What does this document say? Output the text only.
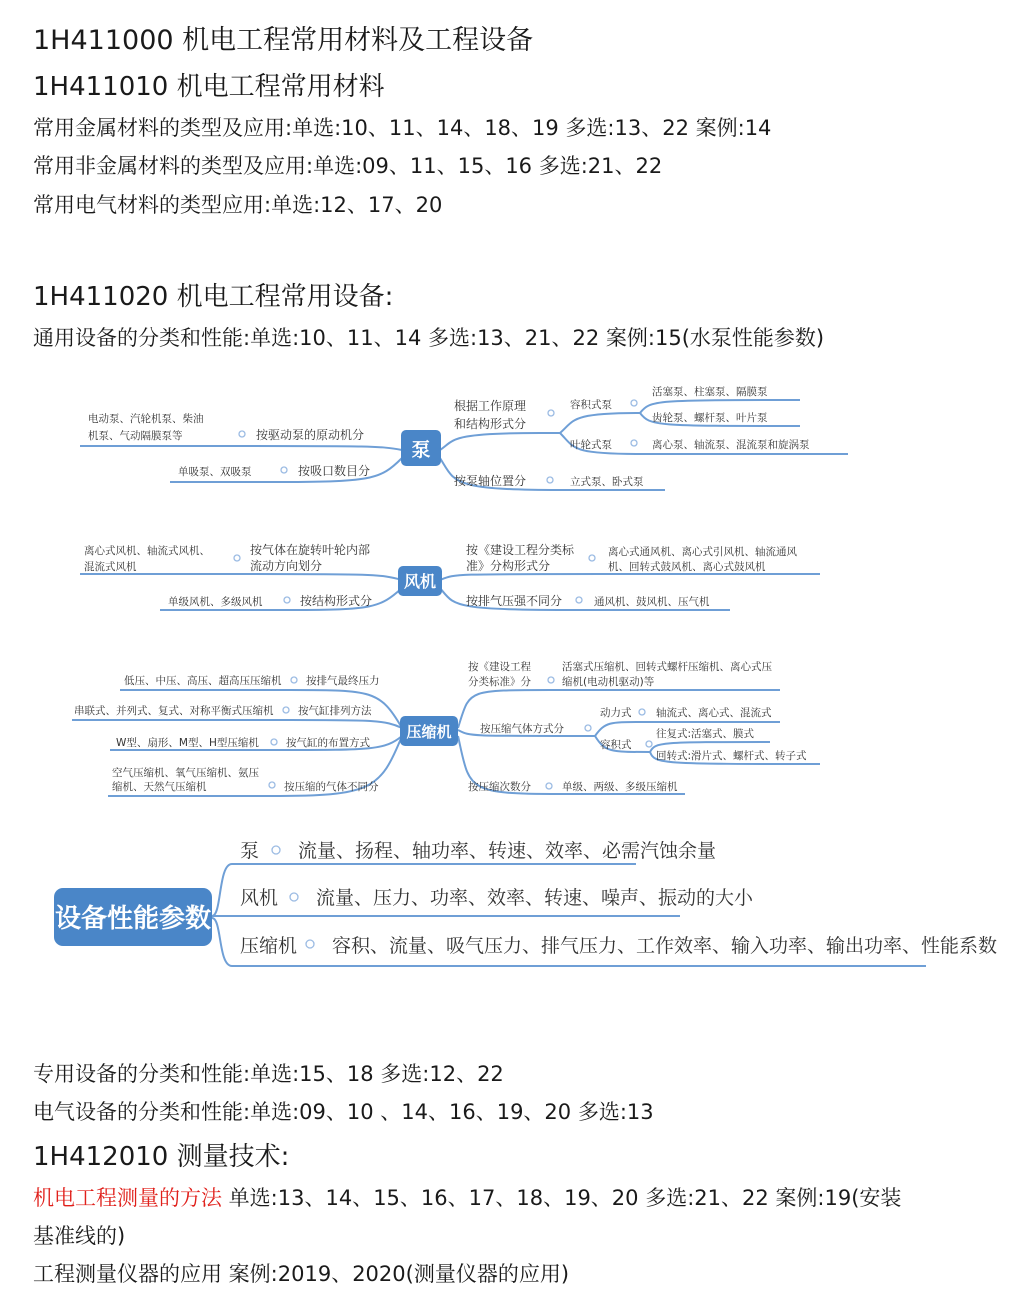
1H411000 机电工程常用材料及工程设备
1H411010 机电工程常用材料
常用金属材料的类型及应用:单选:10、11、14、18、19 多选:13、22 案例:14
常用非金属材料的类型及应用:单选:09、11、15、16 多选:21、22
常用电气材料的类型应用:单选:12、17、20
1H411020 机电工程常用设备:
通用设备的分类和性能:单选:10、11、14 多选:13、21、22 案例:15(水泵性能参数)
泵
风机
压缩机
按驱动泵的原动机分
电动泵、汽轮机泵、柴油
机泵、气动隔膜泵等
按吸口数目分
单吸泵、双吸泵
根据工作原理
和结构形式分
容积式泵
活塞泵、柱塞泵、隔膜泵
齿轮泵、螺杆泵、叶片泵
叶轮式泵	离心泵、轴流泵、混流泵和旋涡泵
按泵轴位置分	立式泵、卧式泵
按气体在旋转叶轮内部
流动方向划分
离心式风机、轴流式风机、
混流式风机
按结构形式分
单级风机、多级风机
按《建设工程分类标
准》分构形式分
离心式通风机、离心式引风机、轴流通风
机、回转式鼓风机、离心式鼓风机
按排气压强不同分	通风机、鼓风机、压气机
按排气最终压力
低压、中压、高压、超高压压缩机
按气缸排列方法
串联式、并列式、复式、对称平衡式压缩机
按气缸的布置方式
W型、扇形、M型、H型压缩机
按压缩的气体不同分
空气压缩机、氧气压缩机、氨压
缩机、天然气压缩机
按《建设工程
分类标准》分
活塞式压缩机、回转式螺杆压缩机、离心式压
缩机(电动机驱动)等
按压缩气体方式分
动力式 轴流式、离心式、混流式
容积式
往复式:活塞式、膜式
回转式:滑片式、螺杆式、转子式
按压缩次数分	单级、两级、多级压缩机
设备性能参数
泵 流量、扬程、轴功率、转速、效率、必需汽蚀余量
风机 流量、压力、功率、效率、转速、噪声、振动的大小
压缩机 容积、流量、吸气压力、排气压力、工作效率、输入功率、输出功率、性能系数
专用设备的分类和性能:单选:15、18 多选:12、22
电气设备的分类和性能:单选:09、10 、14、16、19、20 多选:13
1H412010 测量技术:
机电工程测量的方法 单选:13、14、15、16、17、18、19、20 多选:21、22 案例:19(安装
基准线的)
工程测量仪器的应用 案例:2019、2020(测量仪器的应用)
